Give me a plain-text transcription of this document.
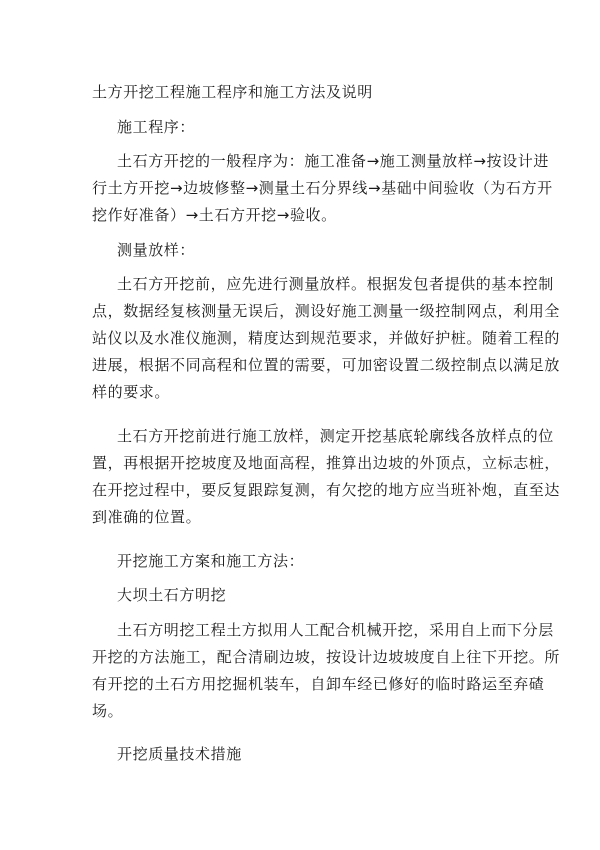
土方开挖工程施工程序和施工方法及说明
施工程序：
土石方开挖的一般程序为：施工准备→施工测量放样→按设计进
行土方开挖→边坡修整→测量土石分界线→基础中间验收（为石方开
挖作好准备）→土石方开挖→验收。
测量放样：
土石方开挖前，应先进行测量放样。根据发包者提供的基本控制
点，数据经复核测量无误后，测设好施工测量一级控制网点，利用全
站仪以及水准仪施测，精度达到规范要求，并做好护桩。随着工程的
进展，根据不同高程和位置的需要，可加密设置二级控制点以满足放
样的要求。
土石方开挖前进行施工放样，测定开挖基底轮廓线各放样点的位
置，再根据开挖坡度及地面高程，推算出边坡的外顶点，立标志桩，
在开挖过程中，要反复跟踪复测，有欠挖的地方应当班补炮，直至达
到准确的位置。
开挖施工方案和施工方法：
大坝土石方明挖
土石方明挖工程土方拟用人工配合机械开挖，采用自上而下分层
开挖的方法施工，配合清刷边坡，按设计边坡坡度自上往下开挖。所
有开挖的土石方用挖掘机装车，自卸车经已修好的临时路运至弃碴
场。
开挖质量技术措施
